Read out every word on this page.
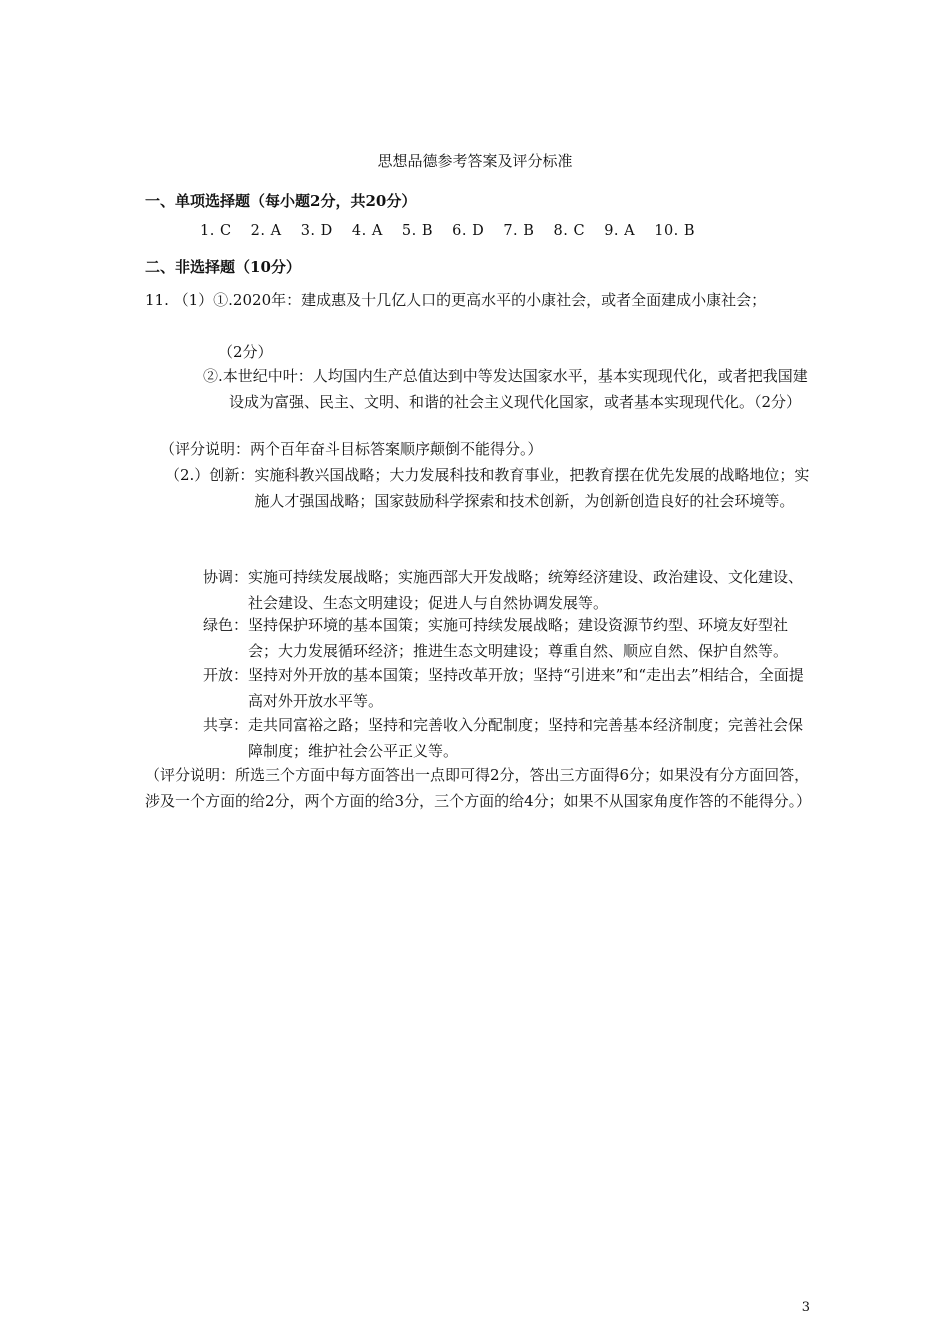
思想品德参考答案及评分标准
一、单项选择题（每小题2分，共20分）
1. C 2. A 3. D 4. A 5. B 6. D 7. B 8. C 9. A 10. B
二、非选择题（10分）
11. （1）①.2020年：建成惠及十几亿人口的更高水平的小康社会，或者全面建成小康社会；
（2分）
②.本世纪中叶：人均国内生产总值达到中等发达国家水平，基本实现现代化，或者把我国建设成为富强、民主、文明、和谐的社会主义现代化国家，或者基本实现现代化。（2分）
（评分说明：两个百年奋斗目标答案顺序颠倒不能得分。）
（2.） 创新： 实施科教兴国战略；大力发展科技和教育事业，把教育摆在优先发展的战略地位；实施人才强国战略；国家鼓励科学探索和技术创新，为创新创造良好的社会环境等。
协调： 实施可持续发展战略；实施西部大开发战略；统筹经济建设、政治建设、文化建设、社会建设、生态文明建设；促进人与自然协调发展等。
绿色： 坚持保护环境的基本国策；实施可持续发展战略；建设资源节约型、环境友好型社会；大力发展循环经济；推进生态文明建设；尊重自然、顺应自然、保护自然等。
开放： 坚持对外开放的基本国策；坚持改革开放；坚持“引进来”和“走出去”相结合，全面提高对外开放水平等。
共享： 走共同富裕之路；坚持和完善收入分配制度；坚持和完善基本经济制度；完善社会保障制度；维护社会公平正义等。
（评分说明：所选三个方面中每方面答出一点即可得2分，答出三方面得6分；如果没有分方面回答，涉及一个方面的给2分，两个方面的给3分，三个方面的给4分；如果不从国家角度作答的不能得分。）
3
